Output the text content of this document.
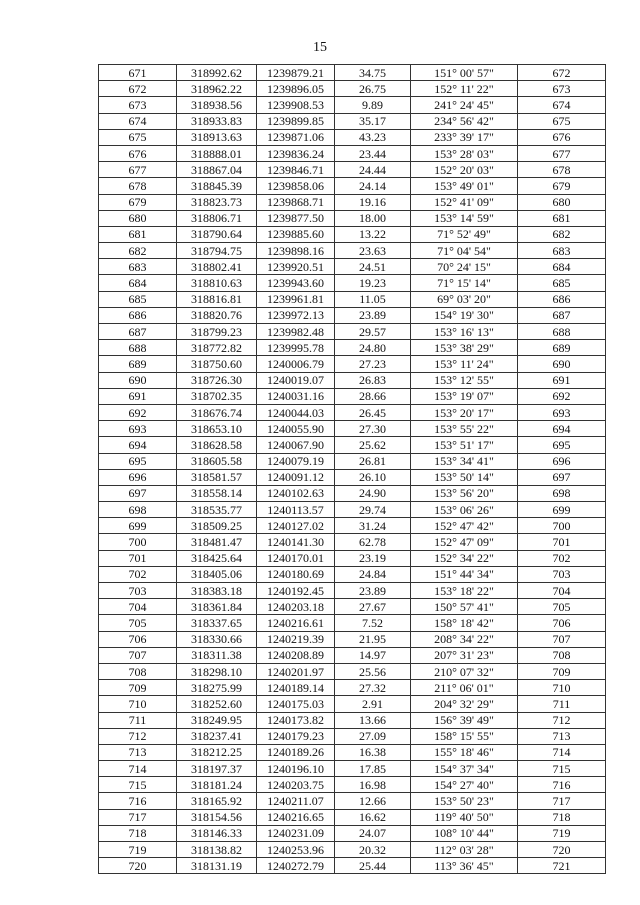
15
671	318992.62	1239879.21	34.75	151° 00' 57"	672
672	318962.22	1239896.05	26.75	152° 11' 22"	673
673	318938.56	1239908.53	9.89	241° 24' 45"	674
674	318933.83	1239899.85	35.17	234° 56' 42"	675
675	318913.63	1239871.06	43.23	233° 39' 17"	676
676	318888.01	1239836.24	23.44	153° 28' 03"	677
677	318867.04	1239846.71	24.44	152° 20' 03"	678
678	318845.39	1239858.06	24.14	153° 49' 01"	679
679	318823.73	1239868.71	19.16	152° 41' 09"	680
680	318806.71	1239877.50	18.00	153° 14' 59"	681
681	318790.64	1239885.60	13.22	71° 52' 49"	682
682	318794.75	1239898.16	23.63	71° 04' 54"	683
683	318802.41	1239920.51	24.51	70° 24' 15"	684
684	318810.63	1239943.60	19.23	71° 15' 14"	685
685	318816.81	1239961.81	11.05	69° 03' 20"	686
686	318820.76	1239972.13	23.89	154° 19' 30"	687
687	318799.23	1239982.48	29.57	153° 16' 13"	688
688	318772.82	1239995.78	24.80	153° 38' 29"	689
689	318750.60	1240006.79	27.23	153° 11' 24"	690
690	318726.30	1240019.07	26.83	153° 12' 55"	691
691	318702.35	1240031.16	28.66	153° 19' 07"	692
692	318676.74	1240044.03	26.45	153° 20' 17"	693
693	318653.10	1240055.90	27.30	153° 55' 22"	694
694	318628.58	1240067.90	25.62	153° 51' 17"	695
695	318605.58	1240079.19	26.81	153° 34' 41"	696
696	318581.57	1240091.12	26.10	153° 50' 14"	697
697	318558.14	1240102.63	24.90	153° 56' 20"	698
698	318535.77	1240113.57	29.74	153° 06' 26"	699
699	318509.25	1240127.02	31.24	152° 47' 42"	700
700	318481.47	1240141.30	62.78	152° 47' 09"	701
701	318425.64	1240170.01	23.19	152° 34' 22"	702
702	318405.06	1240180.69	24.84	151° 44' 34"	703
703	318383.18	1240192.45	23.89	153° 18' 22"	704
704	318361.84	1240203.18	27.67	150° 57' 41"	705
705	318337.65	1240216.61	7.52	158° 18' 42"	706
706	318330.66	1240219.39	21.95	208° 34' 22"	707
707	318311.38	1240208.89	14.97	207° 31' 23"	708
708	318298.10	1240201.97	25.56	210° 07' 32"	709
709	318275.99	1240189.14	27.32	211° 06' 01"	710
710	318252.60	1240175.03	2.91	204° 32' 29"	711
711	318249.95	1240173.82	13.66	156° 39' 49"	712
712	318237.41	1240179.23	27.09	158° 15' 55"	713
713	318212.25	1240189.26	16.38	155° 18' 46"	714
714	318197.37	1240196.10	17.85	154° 37' 34"	715
715	318181.24	1240203.75	16.98	154° 27' 40"	716
716	318165.92	1240211.07	12.66	153° 50' 23"	717
717	318154.56	1240216.65	16.62	119° 40' 50"	718
718	318146.33	1240231.09	24.07	108° 10' 44"	719
719	318138.82	1240253.96	20.32	112° 03' 28"	720
720	318131.19	1240272.79	25.44	113° 36' 45"	721
